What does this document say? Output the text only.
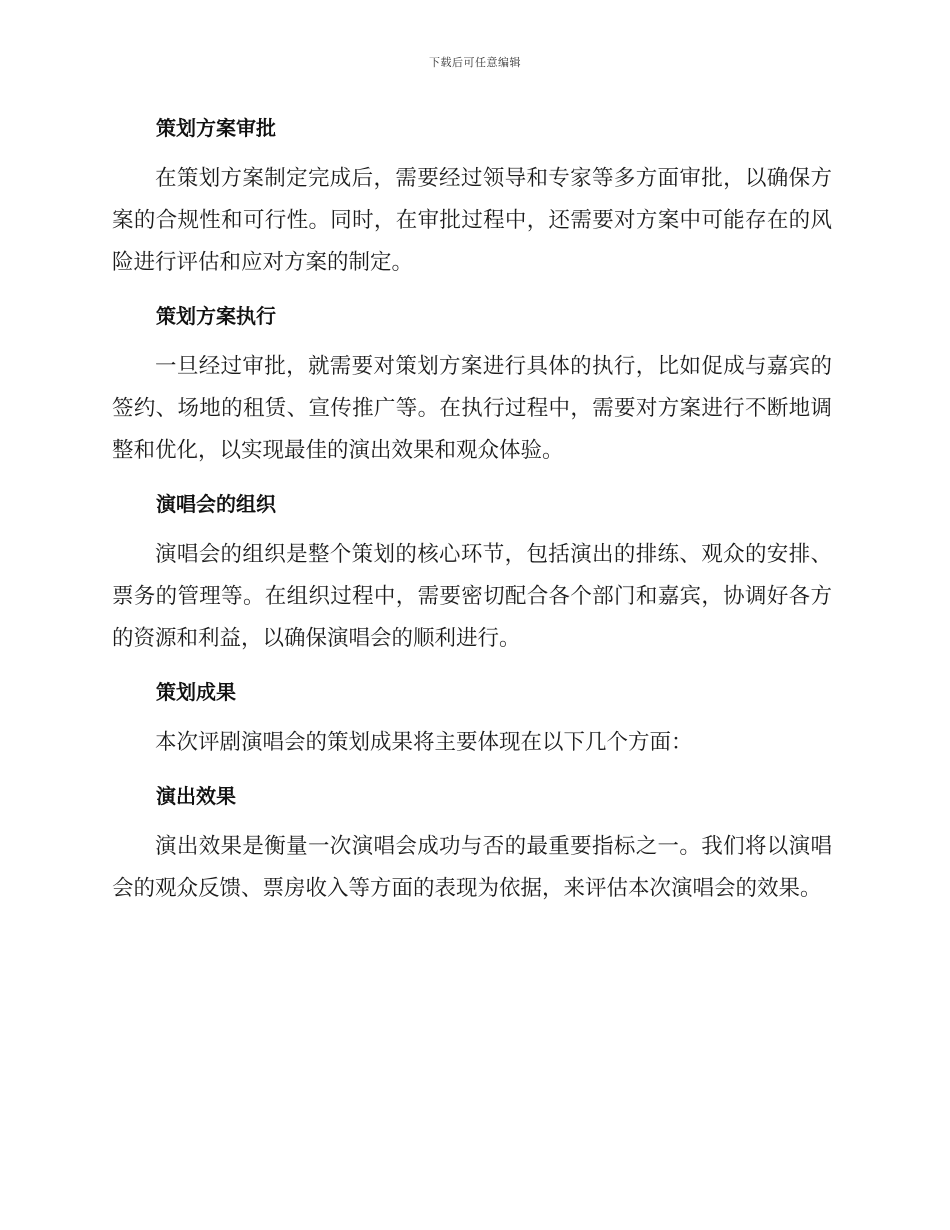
下载后可任意编辑
策划方案审批

在策划方案制定完成后，需要经过领导和专家等多方面审批，以确保方案的合规性和可行性。同时，在审批过程中，还需要对方案中可能存在的风险进行评估和应对方案的制定。

策划方案执行

一旦经过审批，就需要对策划方案进行具体的执行，比如促成与嘉宾的签约、场地的租赁、宣传推广等。在执行过程中，需要对方案进行不断地调整和优化，以实现最佳的演出效果和观众体验。

演唱会的组织

演唱会的组织是整个策划的核心环节，包括演出的排练、观众的安排、票务的管理等。在组织过程中，需要密切配合各个部门和嘉宾，协调好各方的资源和利益，以确保演唱会的顺利进行。

策划成果

本次评剧演唱会的策划成果将主要体现在以下几个方面：

演出效果

演出效果是衡量一次演唱会成功与否的最重要指标之一。我们将以演唱会的观众反馈、票房收入等方面的表现为依据，来评估本次演唱会的效果。
